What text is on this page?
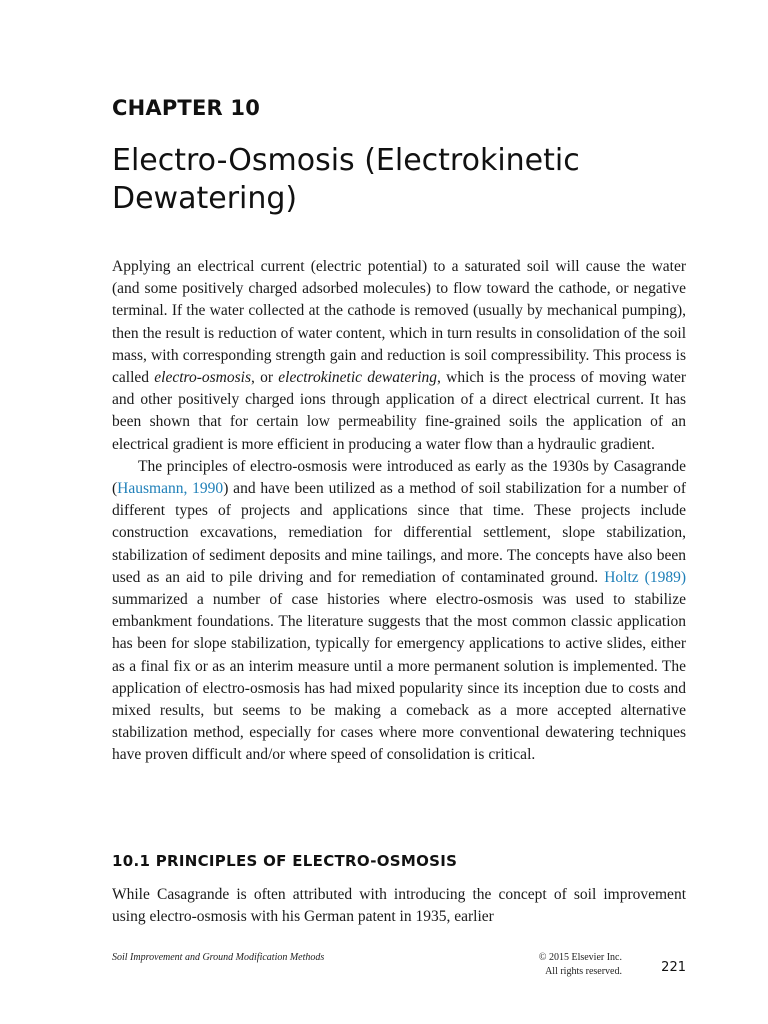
CHAPTER 10
Electro-Osmosis (Electrokinetic Dewatering)

Applying an electrical current (electric potential) to a saturated soil will cause the water (and some positively charged adsorbed molecules) to flow toward the cathode, or negative terminal. If the water collected at the cathode is removed (usually by mechanical pumping), then the result is reduction of water content, which in turn results in consolidation of the soil mass, with corresponding strength gain and reduction is soil compressibility. This process is called electro-osmosis, or electrokinetic dewatering, which is the process of moving water and other positively charged ions through application of a direct electrical current. It has been shown that for certain low permeability fine-grained soils the application of an electrical gradient is more efficient in producing a water flow than a hydraulic gradient.

The principles of electro-osmosis were introduced as early as the 1930s by Casagrande (Hausmann, 1990) and have been utilized as a method of soil stabilization for a number of different types of projects and applications since that time. These projects include construction excavations, remediation for differential settlement, slope stabilization, stabilization of sediment deposits and mine tailings, and more. The concepts have also been used as an aid to pile driving and for remediation of contaminated ground. Holtz (1989) summarized a number of case histories where electro-osmosis was used to stabilize embankment foundations. The literature suggests that the most common classic application has been for slope stabilization, typically for emergency applications to active slides, either as a final fix or as an interim measure until a more permanent solution is implemented. The application of electro-osmosis has had mixed popularity since its inception due to costs and mixed results, but seems to be making a comeback as a more accepted alternative stabilization method, especially for cases where more conventional dewatering techniques have proven difficult and/or where speed of consolidation is critical.

10.1 PRINCIPLES OF ELECTRO-OSMOSIS

While Casagrande is often attributed with introducing the concept of soil improvement using electro-osmosis with his German patent in 1935, earlier

Soil Improvement and Ground Modification Methods	© 2015 Elsevier Inc.
All rights reserved.	221
